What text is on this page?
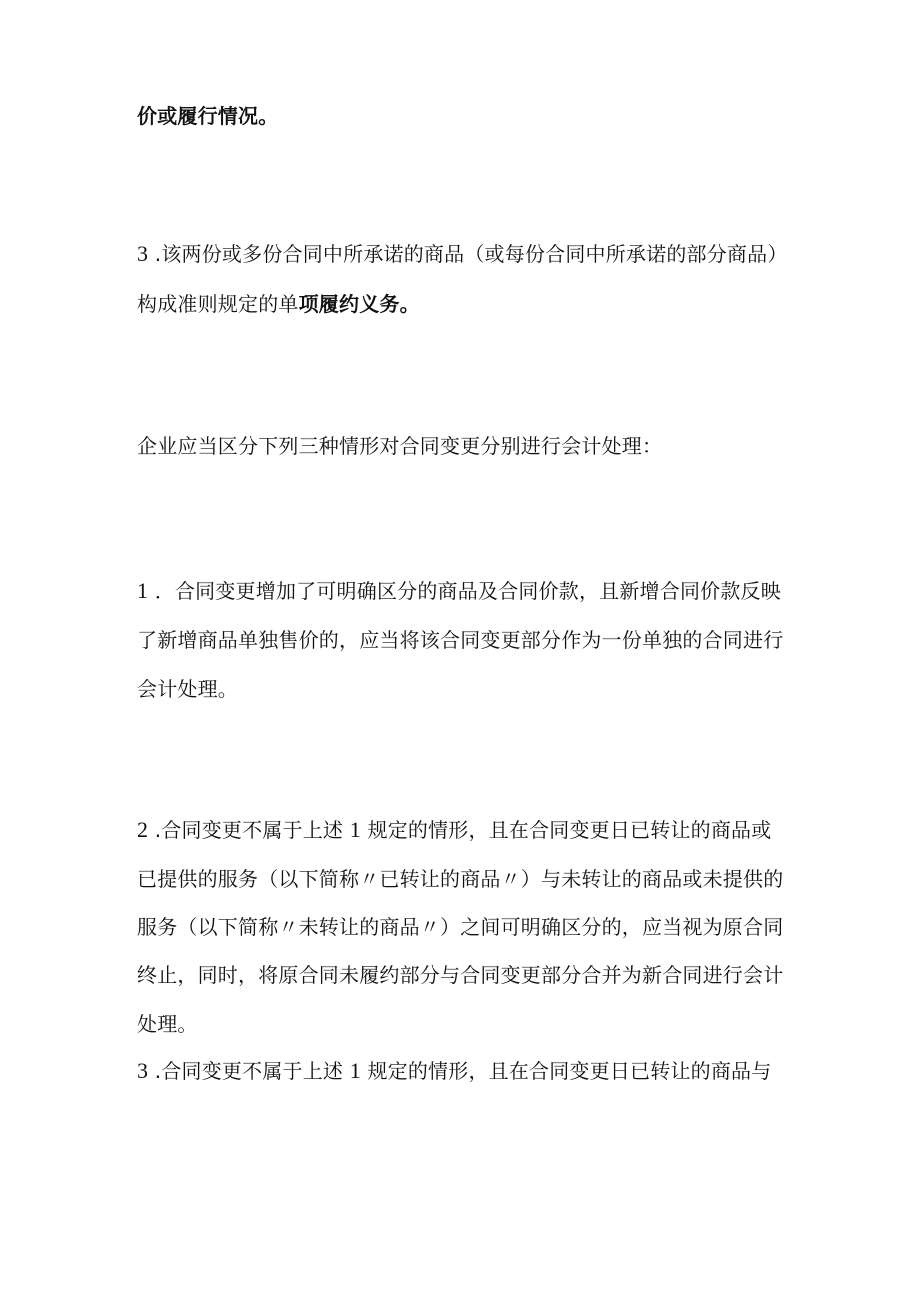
价或履行情况。
3 .该两份或多份合同中所承诺的商品（或每份合同中所承诺的部分商品）
构成准则规定的单项履约义务。
企业应当区分下列三种情形对合同变更分别进行会计处理：
1 ．合同变更增加了可明确区分的商品及合同价款，且新增合同价款反映
了新增商品单独售价的，应当将该合同变更部分作为一份单独的合同进行
会计处理。
2 .合同变更不属于上述 1 规定的情形，且在合同变更日已转让的商品或
已提供的服务（以下简称〃已转让的商品〃）与未转让的商品或未提供的
服务（以下简称〃未转让的商品〃）之间可明确区分的，应当视为原合同
终止，同时，将原合同未履约部分与合同变更部分合并为新合同进行会计
处理。
3 .合同变更不属于上述 1 规定的情形，且在合同变更日已转让的商品与
